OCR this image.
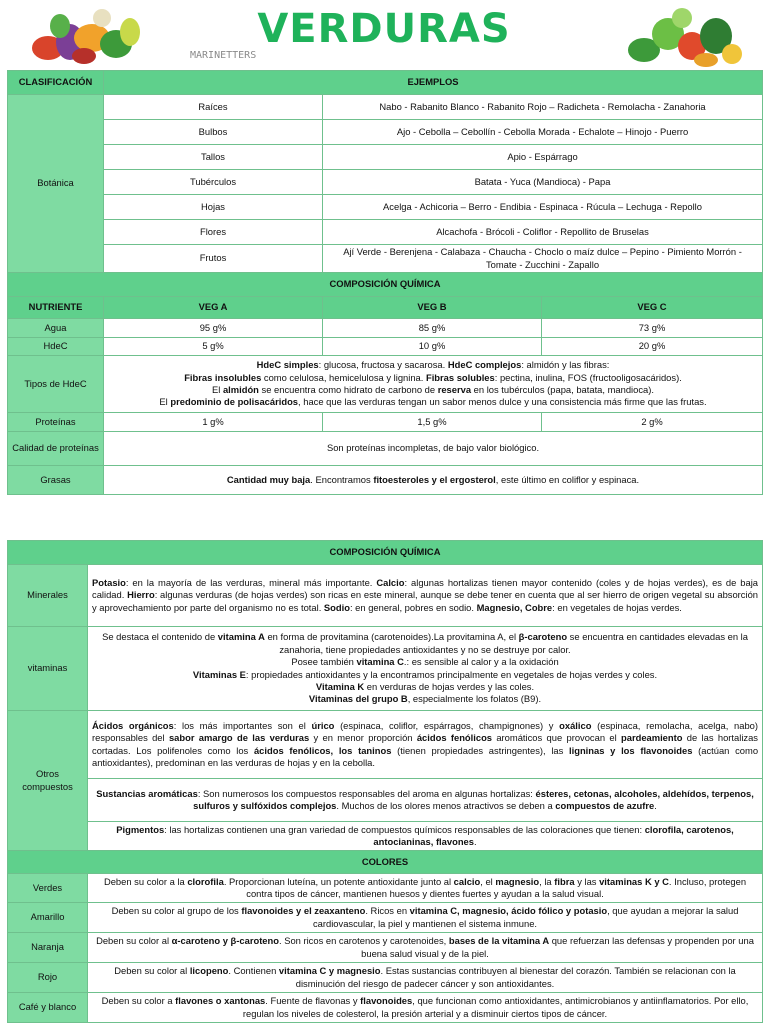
VERDURAS
MARINETTERS
CLASIFICACIÓN	EJEMPLOS		
Botánica	Raíces	Nabo - Rabanito Blanco - Rabanito Rojo – Radicheta - Remolacha - Zanahoria	
	Bulbos	Ajo - Cebolla – Cebollín - Cebolla Morada - Echalote – Hinojo - Puerro	
	Tallos	Apio - Espárrago	
	Tubérculos	Batata - Yuca (Mandioca) - Papa	
	Hojas	Acelga - Achicoria – Berro - Endibia - Espinaca - Rúcula – Lechuga - Repollo	
	Flores	Alcachofa - Brócoli - Coliflor - Repollito de Bruselas	
	Frutos	Ají Verde - Berenjena - Calabaza - Chaucha - Choclo o maíz dulce – Pepino - Pimiento Morrón - Tomate - Zucchini - Zapallo	
COMPOSICIÓN QUÍMICA			
NUTRIENTE	VEG A	VEG B	VEG C
Agua	95 g%	85 g%	73 g%
HdeC	5 g%	10 g%	20 g%
Tipos de HdeC	HdeC simples: glucosa, fructosa y sacarosa. HdeC complejos: almidón y las fibras:
Fibras insolubles como celulosa, hemicelulosa y lignina. Fibras solubles: pectina, inulina, FOS (fructooligosacáridos).
El almidón se encuentra como hidrato de carbono de reserva en los tubérculos (papa, batata, mandioca).
El predominio de polisacáridos, hace que las verduras tengan un sabor menos dulce y una consistencia más firme que las frutas.		

Proteínas	1 g%	1,5 g%	2 g%
Calidad de proteínas	Son proteínas incompletas, de bajo valor biológico.		
Grasas	Cantidad muy baja. Encontramos fitoesteroles y el ergosterol, este último en coliflor y espinaca.		
COMPOSICIÓN QUÍMICA	
Minerales	Potasio: en la mayoría de las verduras, mineral más importante. Calcio: algunas hortalizas tienen mayor contenido (coles y de hojas verdes), es de baja calidad. Hierro: algunas verduras (de hojas verdes) son ricas en este mineral, aunque se debe tener en cuenta que al ser hierro de origen vegetal su absorción y aprovechamiento por parte del organismo no es total. Sodio: en general, pobres en sodio. Magnesio, Cobre: en vegetales de hojas verdes.
vitaminas	Se destaca el contenido de vitamina A en forma de provitamina (carotenoides).La provitamina A, el β-caroteno se encuentra en cantidades elevadas en la zanahoria, tiene propiedades antioxidantes y no se destruye por calor.
Posee también vitamina C.: es sensible al calor y a la oxidación
Vitaminas E: propiedades antioxidantes y la encontramos principalmente en vegetales de hojas verdes y coles.
Vitamina K en verduras de hojas verdes y las coles.
Vitaminas del grupo B, especialmente los folatos (B9).

Otros compuestos	Ácidos orgánicos: los más importantes son el úrico (espinaca, coliflor, espárragos, champignones) y oxálico (espinaca, remolacha, acelga, nabo) responsables del sabor amargo de las verduras y en menor proporción ácidos fenólicos aromáticos que provocan el pardeamiento de las hortalizas cortadas. Los polifenoles como los ácidos fenólicos, los taninos (tienen propiedades astringentes), las ligninas y los flavonoides (actúan como antioxidantes), predominan en las verduras de hojas y en la cebolla.
	Sustancias aromáticas: Son numerosos los compuestos responsables del aroma en algunas hortalizas: ésteres, cetonas, alcoholes, aldehídos, terpenos, sulfuros y sulfóxidos complejos. Muchos de los olores menos atractivos se deben a compuestos de azufre.
	Pigmentos: las hortalizas contienen una gran variedad de compuestos químicos responsables de las coloraciones que tienen: clorofila, carotenos, antocianinas, flavones.
COLORES	
Verdes	Deben su color a la clorofila. Proporcionan luteína, un potente antioxidante junto al calcio, el magnesio, la fibra y las vitaminas K y C. Incluso, protegen contra tipos de cáncer, mantienen huesos y dientes fuertes y ayudan a la salud visual.
Amarillo	Deben su color al grupo de los flavonoides y el zeaxanteno. Ricos en vitamina C, magnesio, ácido fólico y potasio, que ayudan a mejorar la salud cardiovascular, la piel y mantienen el sistema inmune.
Naranja	Deben su color al α-caroteno y β-caroteno. Son ricos en carotenos y carotenoides, bases de la vitamina A que refuerzan las defensas y propenden por una buena salud visual y de la piel.
Rojo	Deben su color al licopeno. Contienen vitamina C y magnesio. Estas sustancias contribuyen al bienestar del corazón. También se relacionan con la disminución del riesgo de padecer cáncer y son antioxidantes.
Café y blanco	Deben su color a flavones o xantonas. Fuente de flavonas y flavonoides, que funcionan como antioxidantes, antimicrobianos y antiinflamatorios. Por ello, regulan los niveles de colesterol, la presión arterial y a disminuir ciertos tipos de cáncer.
